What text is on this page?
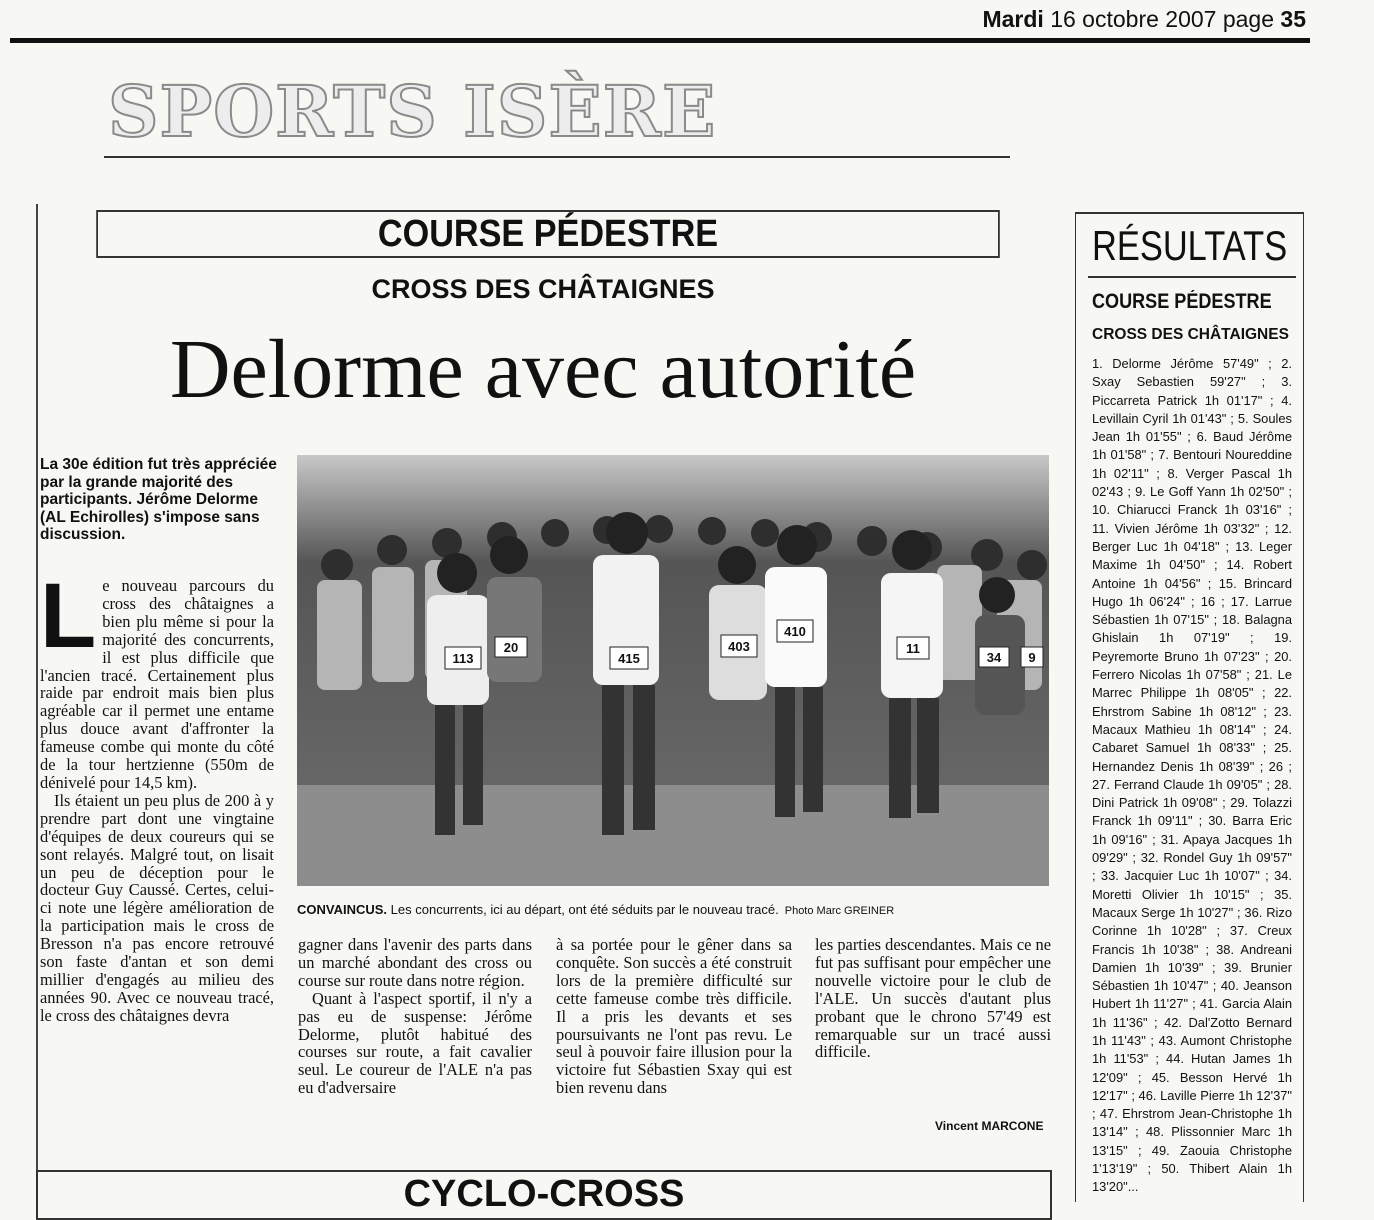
Mardi 16 octobre 2007 page 35
SPORTS ISÈRE
COURSE PÉDESTRE
CROSS DES CHÂTAIGNES
Delorme avec autorité
La 30e édition fut très appréciée par la grande majorité des participants. Jérôme Delorme (AL Echirolles) s'impose sans discussion.

Le nouveau parcours du cross des châtaignes a bien plu même si pour la majorité des concurrents, il est plus difficile que l'ancien tracé. Certainement plus raide par endroit mais bien plus agréable car il permet une entame plus douce avant d'affronter la fameuse combe qui monte du côté de la tour hertzienne (550m de dénivelé pour 14,5 km).

Ils étaient un peu plus de 200 à y prendre part dont une vingtaine d'équipes de deux coureurs qui se sont relayés. Malgré tout, on lisait un peu de déception pour le docteur Guy Caussé. Certes, celui-ci note une légère amélioration de la participation mais le cross de Bresson n'a pas encore retrouvé son faste d'antan et son demi millier d'engagés au milieu des années 90. Avec ce nouveau tracé, le cross des châtaignes devra

113
20
415
403
410
11
34 9
CONVAINCUS. Les concurrents, ici au départ, ont été séduits par le nouveau tracé. Photo Marc GREINER

gagner dans l'avenir des parts dans un marché abondant des cross ou course sur route dans notre région.

Quant à l'aspect sportif, il n'y a pas eu de suspense: Jérôme Delorme, plutôt habitué des courses sur route, a fait cavalier seul. Le coureur de l'ALE n'a pas eu d'adversaire

à sa portée pour le gêner dans sa conquête. Son succès a été construit lors de la première difficulté sur cette fameuse combe très difficile. Il a pris les devants et ses poursuivants ne l'ont pas revu. Le seul à pouvoir faire illusion pour la victoire fut Sébastien Sxay qui est bien revenu dans

les parties descendantes. Mais ce ne fut pas suffisant pour empêcher une nouvelle victoire pour le club de l'ALE. Un succès d'autant plus probant que le chrono 57'49 est remarquable sur un tracé aussi difficile.

Vincent MARCONE
CYCLO-CROSS
RÉSULTATS
COURSE PÉDESTRE
CROSS DES CHÂTAIGNES
1. Delorme Jérôme 57'49" ; 2. Sxay Sebastien 59'27" ; 3. Piccarreta Patrick 1h 01'17" ; 4. Levillain Cyril 1h 01'43" ; 5. Soules Jean 1h 01'55" ; 6. Baud Jérôme 1h 01'58" ; 7. Bentouri Noureddine 1h 02'11" ; 8. Verger Pascal 1h 02'43 ; 9. Le Goff Yann 1h 02'50" ; 10. Chiarucci Franck 1h 03'16" ; 11. Vivien Jérôme 1h 03'32" ; 12. Berger Luc 1h 04'18" ; 13. Leger Maxime 1h 04'50" ; 14. Robert Antoine 1h 04'56" ; 15. Brincard Hugo 1h 06'24" ; 16 ; 17. Larrue Sébastien 1h 07'15" ; 18. Balagna Ghislain 1h 07'19" ; 19. Peyremorte Bruno 1h 07'23" ; 20. Ferrero Nicolas 1h 07'58" ; 21. Le Marrec Philippe 1h 08'05" ; 22. Ehrstrom Sabine 1h 08'12" ; 23. Macaux Mathieu 1h 08'14" ; 24. Cabaret Samuel 1h 08'33" ; 25. Hernandez Denis 1h 08'39" ; 26 ; 27. Ferrand Claude 1h 09'05" ; 28. Dini Patrick 1h 09'08" ; 29. Tolazzi Franck 1h 09'11" ; 30. Barra Eric 1h 09'16" ; 31. Apaya Jacques 1h 09'29" ; 32. Rondel Guy 1h 09'57" ; 33. Jacquier Luc 1h 10'07" ; 34. Moretti Olivier 1h 10'15" ; 35. Macaux Serge 1h 10'27" ; 36. Rizo Corinne 1h 10'28" ; 37. Creux Francis 1h 10'38" ; 38. Andreani Damien 1h 10'39" ; 39. Brunier Sébastien 1h 10'47" ; 40. Jeanson Hubert 1h 11'27" ; 41. Garcia Alain 1h 11'36" ; 42. Dal'Zotto Bernard 1h 11'43" ; 43. Aumont Christophe 1h 11'53" ; 44. Hutan James 1h 12'09" ; 45. Besson Hervé 1h 12'17" ; 46. Laville Pierre 1h 12'37" ; 47. Ehrstrom Jean-Christophe 1h 13'14" ; 48. Plissonnier Marc 1h 13'15" ; 49. Zaouia Christophe 1'13'19" ; 50. Thibert Alain 1h 13'20"...
